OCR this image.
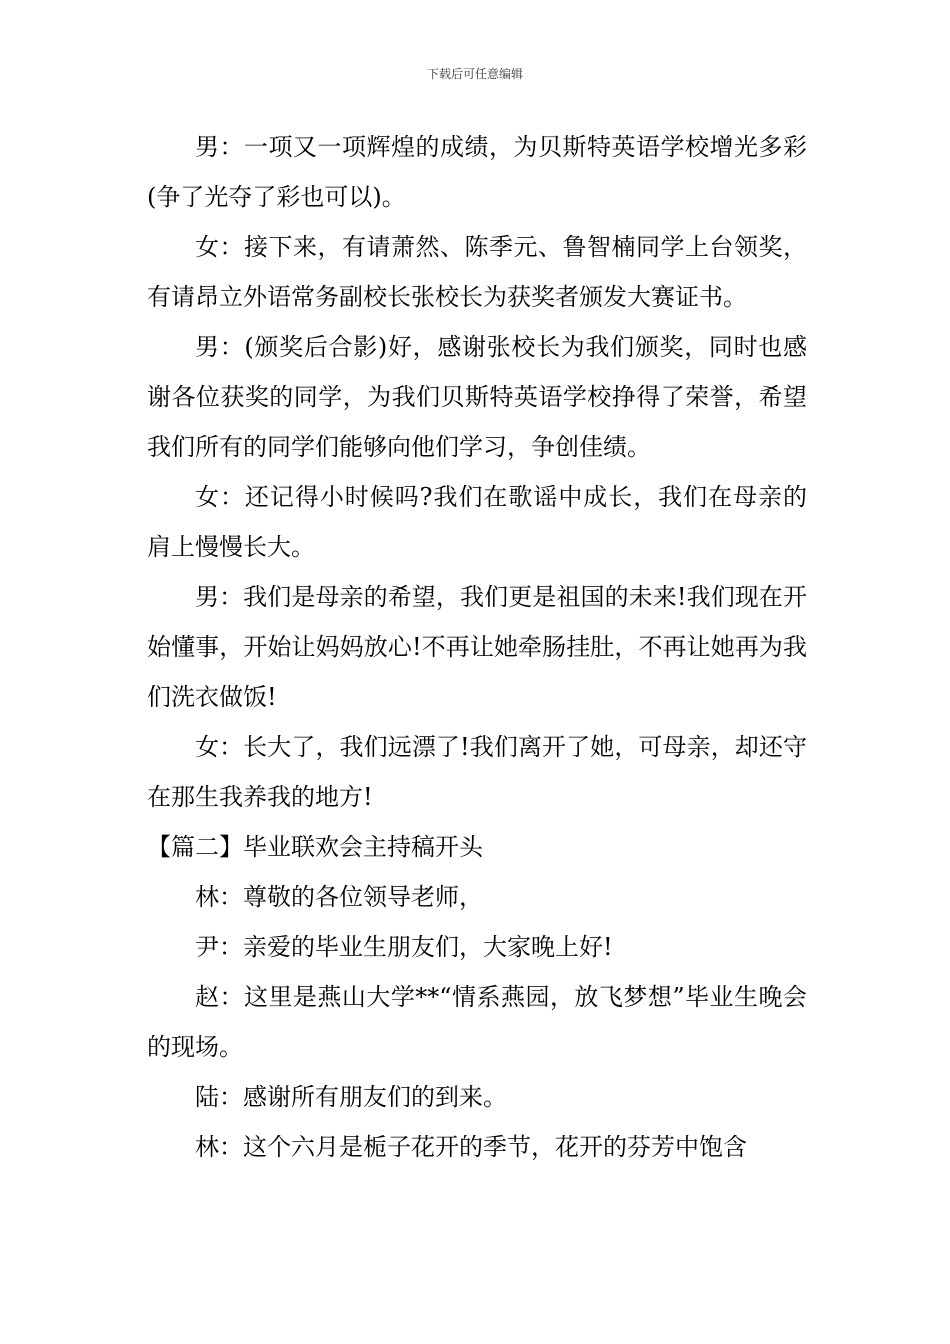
下载后可任意编辑

男：一项又一项辉煌的成绩，为贝斯特英语学校增光多彩(争了光夺了彩也可以)。

女：接下来，有请萧然、陈季元、鲁智楠同学上台领奖，有请昂立外语常务副校长张校长为获奖者颁发大赛证书。

男：(颁奖后合影)好，感谢张校长为我们颁奖，同时也感谢各位获奖的同学，为我们贝斯特英语学校挣得了荣誉，希望我们所有的同学们能够向他们学习，争创佳绩。

女：还记得小时候吗?我们在歌谣中成长，我们在母亲的肩上慢慢长大。

男：我们是母亲的希望，我们更是祖国的未来!我们现在开始懂事，开始让妈妈放心!不再让她牵肠挂肚，不再让她再为我们洗衣做饭!

女：长大了，我们远漂了!我们离开了她，可母亲，却还守在那生我养我的地方!

【篇二】毕业联欢会主持稿开头

林：尊敬的各位领导老师，

尹：亲爱的毕业生朋友们，大家晚上好!

赵：这里是燕山大学**“情系燕园，放飞梦想”毕业生晚会的现场。

陆：感谢所有朋友们的到来。

林：这个六月是栀子花开的季节，花开的芬芳中饱含
